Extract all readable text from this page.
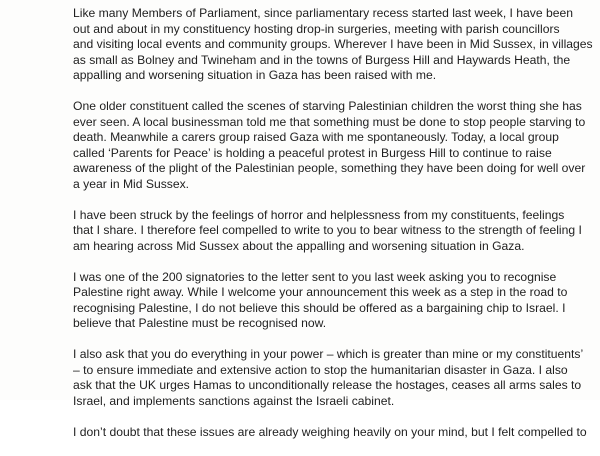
Like many Members of Parliament, since parliamentary recess started last week, I have been
out and about in my constituency hosting drop-in surgeries, meeting with parish councillors
and visiting local events and community groups. Wherever I have been in Mid Sussex, in villages
as small as Bolney and Twineham and in the towns of Burgess Hill and Haywards Heath, the
appalling and worsening situation in Gaza has been raised with me.

One older constituent called the scenes of starving Palestinian children the worst thing she has
ever seen. A local businessman told me that something must be done to stop people starving to
death. Meanwhile a carers group raised Gaza with me spontaneously. Today, a local group
called ‘Parents for Peace’ is holding a peaceful protest in Burgess Hill to continue to raise
awareness of the plight of the Palestinian people, something they have been doing for well over
a year in Mid Sussex.

I have been struck by the feelings of horror and helplessness from my constituents, feelings
that I share. I therefore feel compelled to write to you to bear witness to the strength of feeling I
am hearing across Mid Sussex about the appalling and worsening situation in Gaza.

I was one of the 200 signatories to the letter sent to you last week asking you to recognise
Palestine right away. While I welcome your announcement this week as a step in the road to
recognising Palestine, I do not believe this should be offered as a bargaining chip to Israel. I
believe that Palestine must be recognised now.

I also ask that you do everything in your power – which is greater than mine or my constituents’
– to ensure immediate and extensive action to stop the humanitarian disaster in Gaza. I also
ask that the UK urges Hamas to unconditionally release the hostages, ceases all arms sales to
Israel, and implements sanctions against the Israeli cabinet.

I don’t doubt that these issues are already weighing heavily on your mind, but I felt compelled to
